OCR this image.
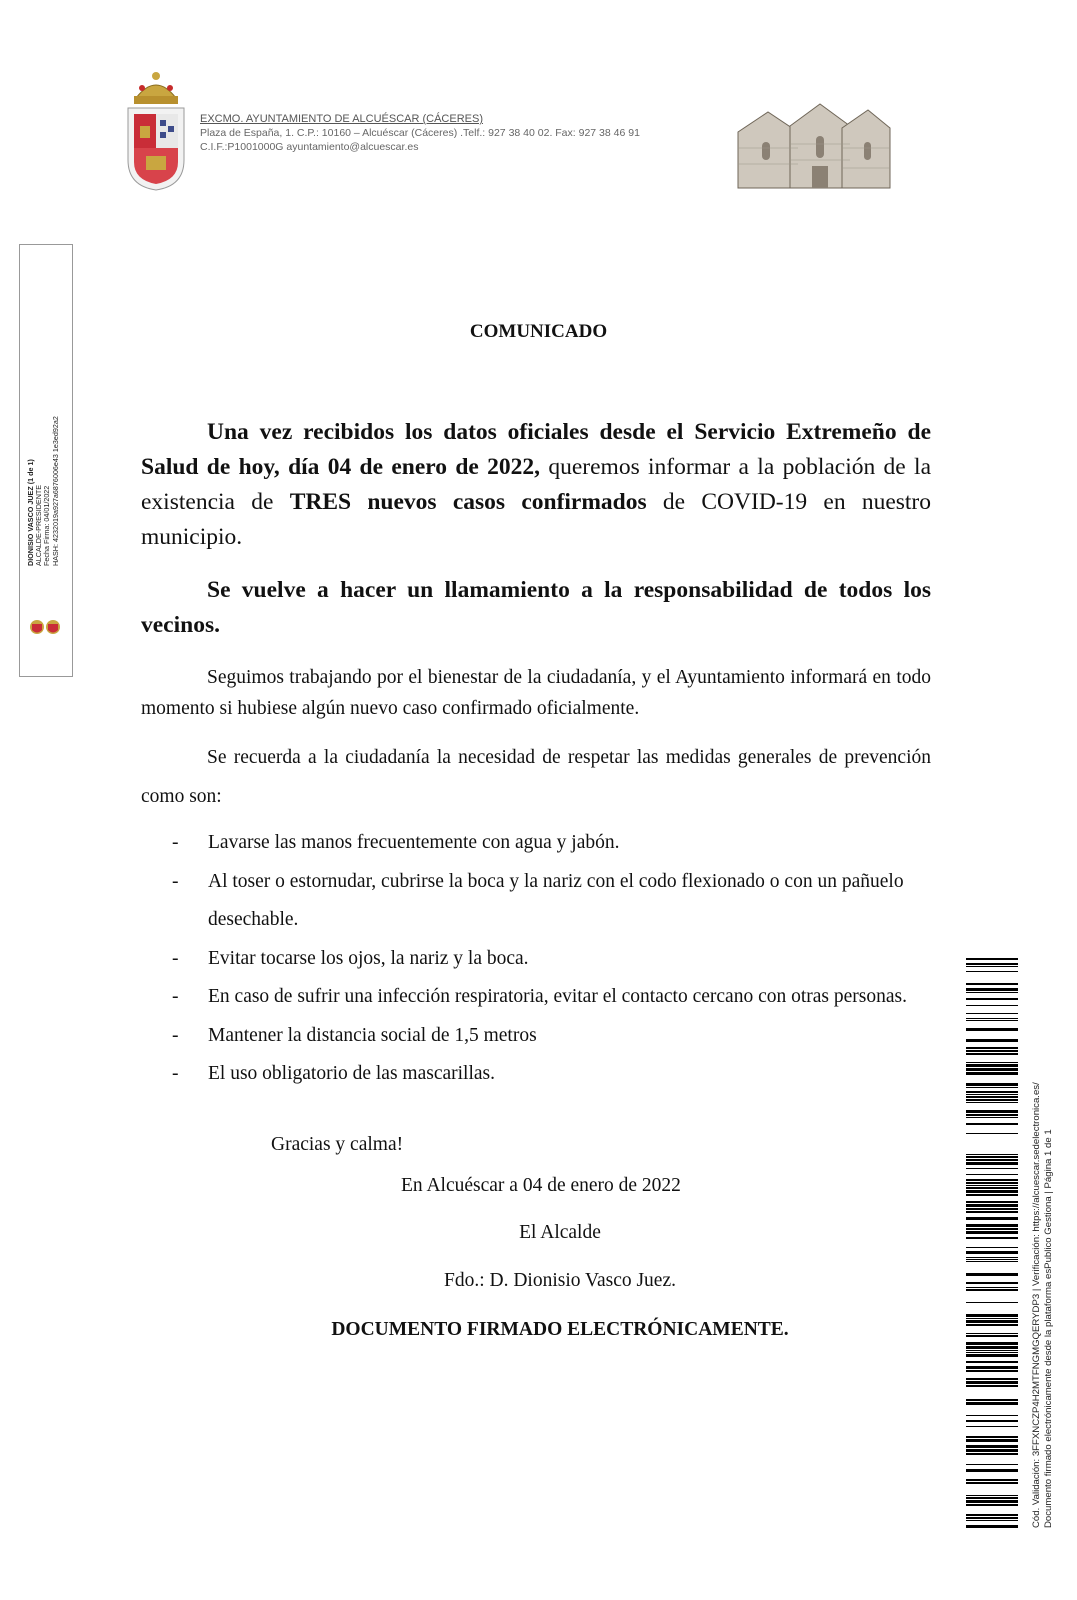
EXCMO. AYUNTAMIENTO DE ALCUÉSCAR (CÁCERES)
Plaza de España, 1. C.P.: 10160 – Alcuéscar (Cáceres) .Telf.: 927 38 40 02. Fax: 927 38 46 91
C.I.F.:P1001000G ayuntamiento@alcuescar.es
DIONISIO VASCO JUEZ (1 de 1) ALCALDE-PRESIDENTE Fecha Firma: 04/01/2022 HASH: 4232019a927a6876006e43 1e3ed92a2
COMUNICADO
Una vez recibidos los datos oficiales desde el Servicio Extremeño de Salud de hoy, día 04 de enero de 2022, queremos informar a la población de la existencia de TRES nuevos casos confirmados de COVID-19 en nuestro municipio.
Se vuelve a hacer un llamamiento a la responsabilidad de todos los vecinos.
Seguimos trabajando por el bienestar de la ciudadanía, y el Ayuntamiento informará en todo momento si hubiese algún nuevo caso confirmado oficialmente.
Se recuerda a la ciudadanía la necesidad de respetar las medidas generales de prevención como son:
- Lavarse las manos frecuentemente con agua y jabón.
- Al toser o estornudar, cubrirse la boca y la nariz con el codo flexionado o con un pañuelo desechable.
- Evitar tocarse los ojos, la nariz y la boca.
- En caso de sufrir una infección respiratoria, evitar el contacto cercano con otras personas.
- Mantener la distancia social de 1,5 metros
- El uso obligatorio de las mascarillas.
Gracias y calma!
En Alcuéscar a 04 de enero de 2022
El Alcalde
Fdo.: D. Dionisio Vasco Juez.
DOCUMENTO FIRMADO ELECTRÓNICAMENTE.	Cód. Validación: 3FFXNCZP4H2MTFNGMGQERYDP3 | Verificación: https://alcuescar.sedelectronica.es/ Documento firmado electrónicamente desde la plataforma esPublico Gestiona | Página 1 de 1
